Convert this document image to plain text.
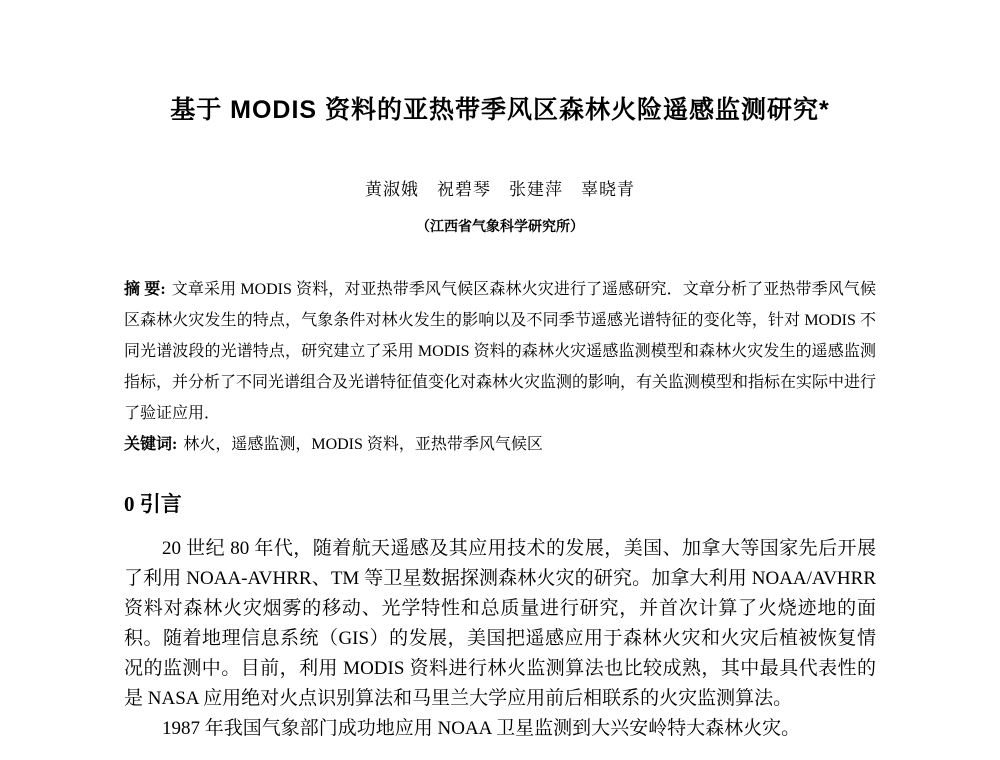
基于 MODIS 资料的亚热带季风区森林火险遥感监测研究*
黄淑娥　祝碧琴　张建萍　辜晓青
（江西省气象科学研究所）
摘 要: 文章采用 MODIS 资料，对亚热带季风气候区森林火灾进行了遥感研究．文章分析了亚热带季风气候区森林火灾发生的特点，气象条件对林火发生的影响以及不同季节遥感光谱特征的变化等，针对 MODIS 不同光谱波段的光谱特点，研究建立了采用 MODIS 资料的森林火灾遥感监测模型和森林火灾发生的遥感监测指标，并分析了不同光谱组合及光谱特征值变化对森林火灾监测的影响，有关监测模型和指标在实际中进行了验证应用．
关键词: 林火，遥感监测，MODIS 资料，亚热带季风气候区
0 引言

20 世纪 80 年代，随着航天遥感及其应用技术的发展，美国、加拿大等国家先后开展了利用 NOAA-AVHRR、TM 等卫星数据探测森林火灾的研究。加拿大利用 NOAA/AVHRR 资料对森林火灾烟雾的移动、光学特性和总质量进行研究，并首次计算了火烧迹地的面积。随着地理信息系统（GIS）的发展，美国把遥感应用于森林火灾和火灾后植被恢复情况的监测中。目前，利用 MODIS 资料进行林火监测算法也比较成熟，其中最具代表性的是 NASA 应用绝对火点识别算法和马里兰大学应用前后相联系的火灾监测算法。

1987 年我国气象部门成功地应用 NOAA 卫星监测到大兴安岭特大森林火灾。
